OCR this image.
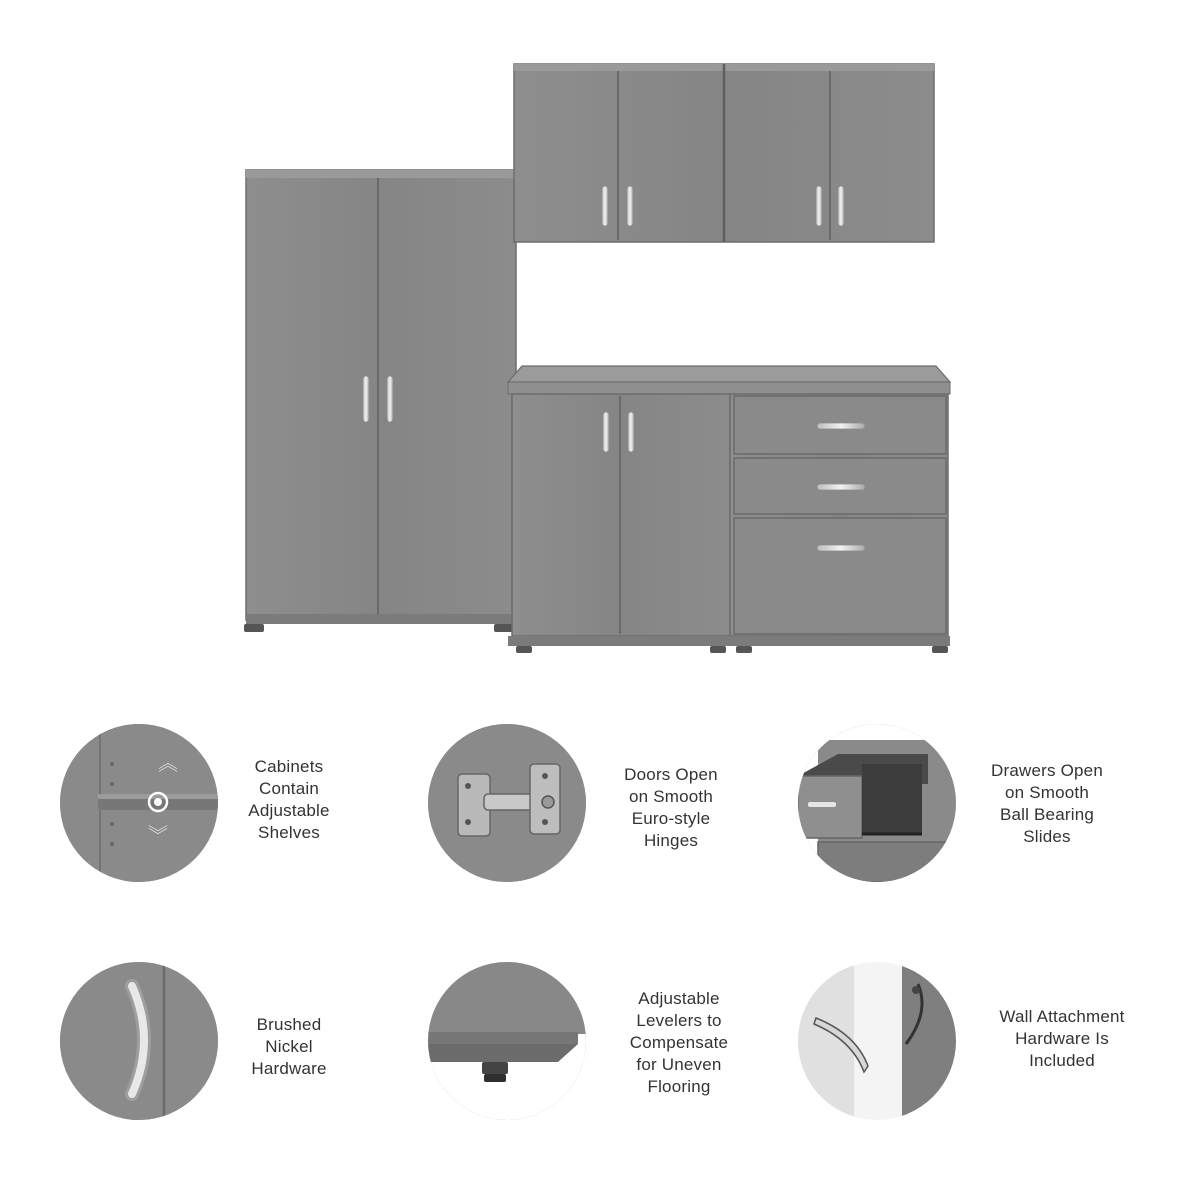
︽
︾
Cabinets
Contain
Adjustable
Shelves
Doors Open
on Smooth
Euro-style
Hinges
Drawers Open
on Smooth
Ball Bearing
Slides
Brushed
Nickel
Hardware
Adjustable
Levelers to
Compensate
for Uneven
Flooring
Wall Attachment
Hardware Is
Included
